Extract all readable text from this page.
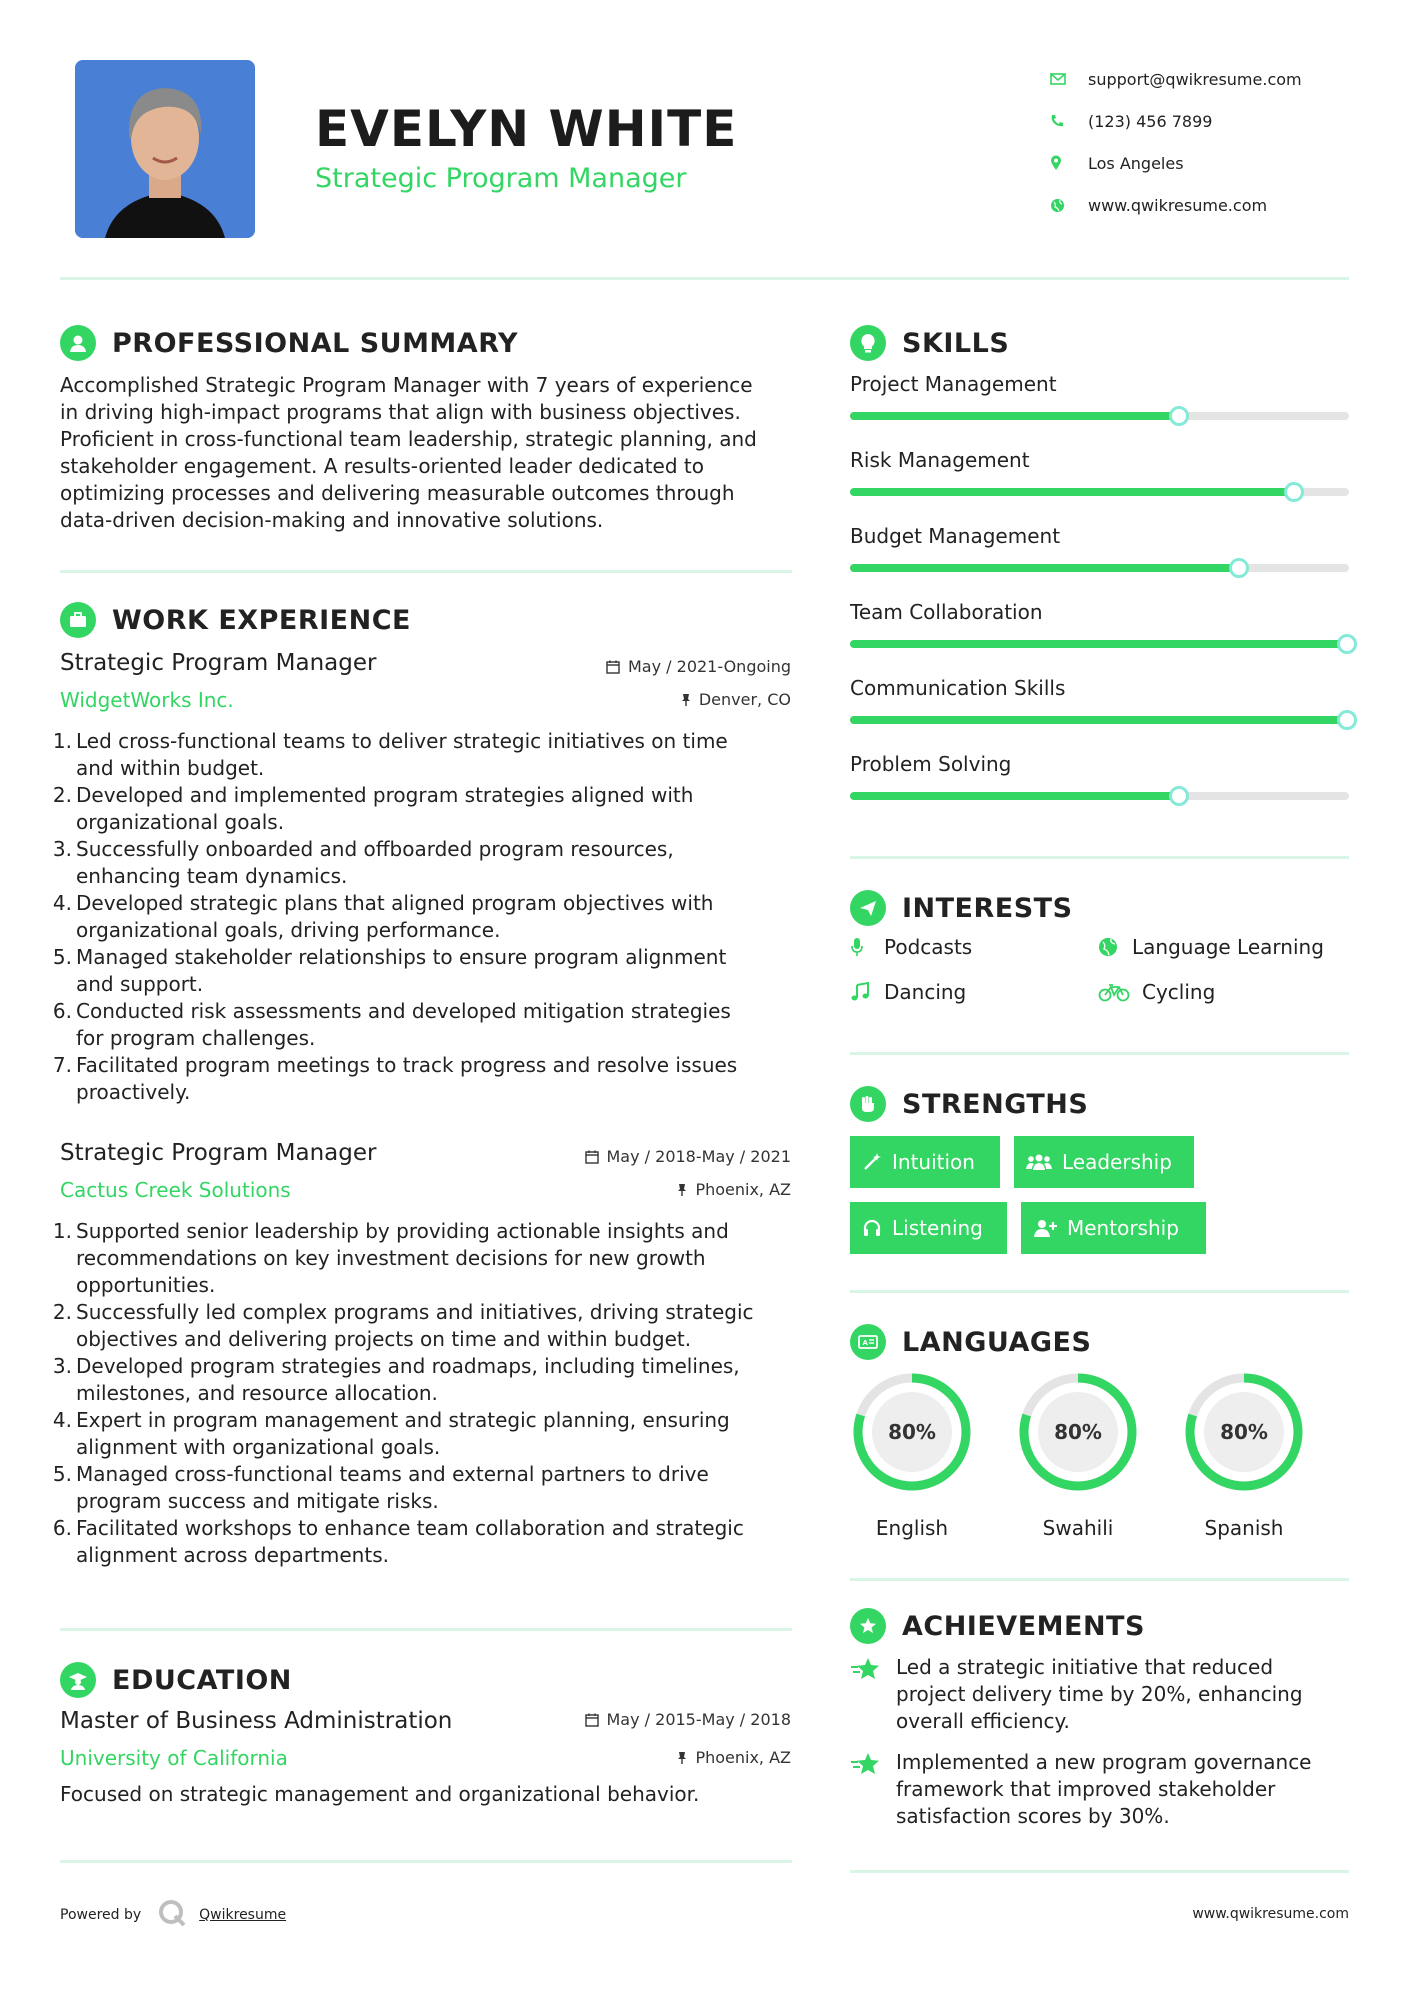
EVELYN WHITE
Strategic Program Manager
support@qwikresume.com
(123) 456 7899
Los Angeles
www.qwikresume.com
PROFESSIONAL SUMMARY
Accomplished Strategic Program Manager with 7 years of experience
in driving high-impact programs that align with business objectives.
Proficient in cross-functional team leadership, strategic planning, and
stakeholder engagement. A results-oriented leader dedicated to
optimizing processes and delivering measurable outcomes through
data-driven decision-making and innovative solutions.
WORK EXPERIENCE
Strategic Program Manager
WidgetWorks Inc.
May / 2021-Ongoing
Denver, CO
1. Led cross-functional teams to deliver strategic initiatives on time
and within budget.
2. Developed and implemented program strategies aligned with
organizational goals.
3. Successfully onboarded and offboarded program resources,
enhancing team dynamics.
4. Developed strategic plans that aligned program objectives with
organizational goals, driving performance.
5. Managed stakeholder relationships to ensure program alignment
and support.
6. Conducted risk assessments and developed mitigation strategies
for program challenges.
7. Facilitated program meetings to track progress and resolve issues
proactively.
Strategic Program Manager
Cactus Creek Solutions
May / 2018-May / 2021
Phoenix, AZ
1. Supported senior leadership by providing actionable insights and
recommendations on key investment decisions for new growth
opportunities.
2. Successfully led complex programs and initiatives, driving strategic
objectives and delivering projects on time and within budget.
3. Developed program strategies and roadmaps, including timelines,
milestones, and resource allocation.
4. Expert in program management and strategic planning, ensuring
alignment with organizational goals.
5. Managed cross-functional teams and external partners to drive
program success and mitigate risks.
6. Facilitated workshops to enhance team collaboration and strategic
alignment across departments.
EDUCATION
Master of Business Administration
University of California
May / 2015-May / 2018
Phoenix, AZ
Focused on strategic management and organizational behavior.
SKILLS
Project Management
Risk Management
Budget Management
Team Collaboration
Communication Skills
Problem Solving
INTERESTS
Podcasts	Language Learning
Dancing	Cycling
STRENGTHS
Intuition	Leadership
Listening	Mentorship
A LANGUAGES
80%
English
80%
Swahili
80%
Spanish
ACHIEVEMENTS
Led a strategic initiative that reduced
project delivery time by 20%, enhancing
overall efficiency.
Implemented a new program governance
framework that improved stakeholder
satisfaction scores by 30%.
Powered by	Qwikresume	www.qwikresume.com
